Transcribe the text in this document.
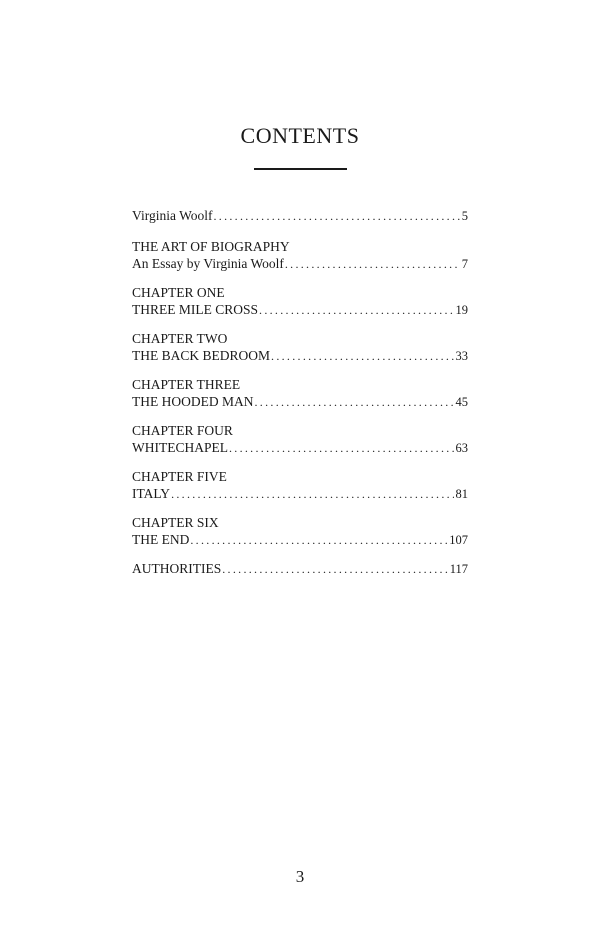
CONTENTS
Virginia Woolf .....	5
THE ART OF BIOGRAPHY
An Essay by Virginia Woolf .....	7
CHAPTER ONE
THREE MILE CROSS .....	19
CHAPTER TWO
THE BACK BEDROOM .....	33
CHAPTER THREE
THE HOODED MAN .....	45
CHAPTER FOUR
WHITECHAPEL .....	63
CHAPTER FIVE
ITALY .....	81
CHAPTER SIX
THE END .....	107
AUTHORITIES .....	117
3
